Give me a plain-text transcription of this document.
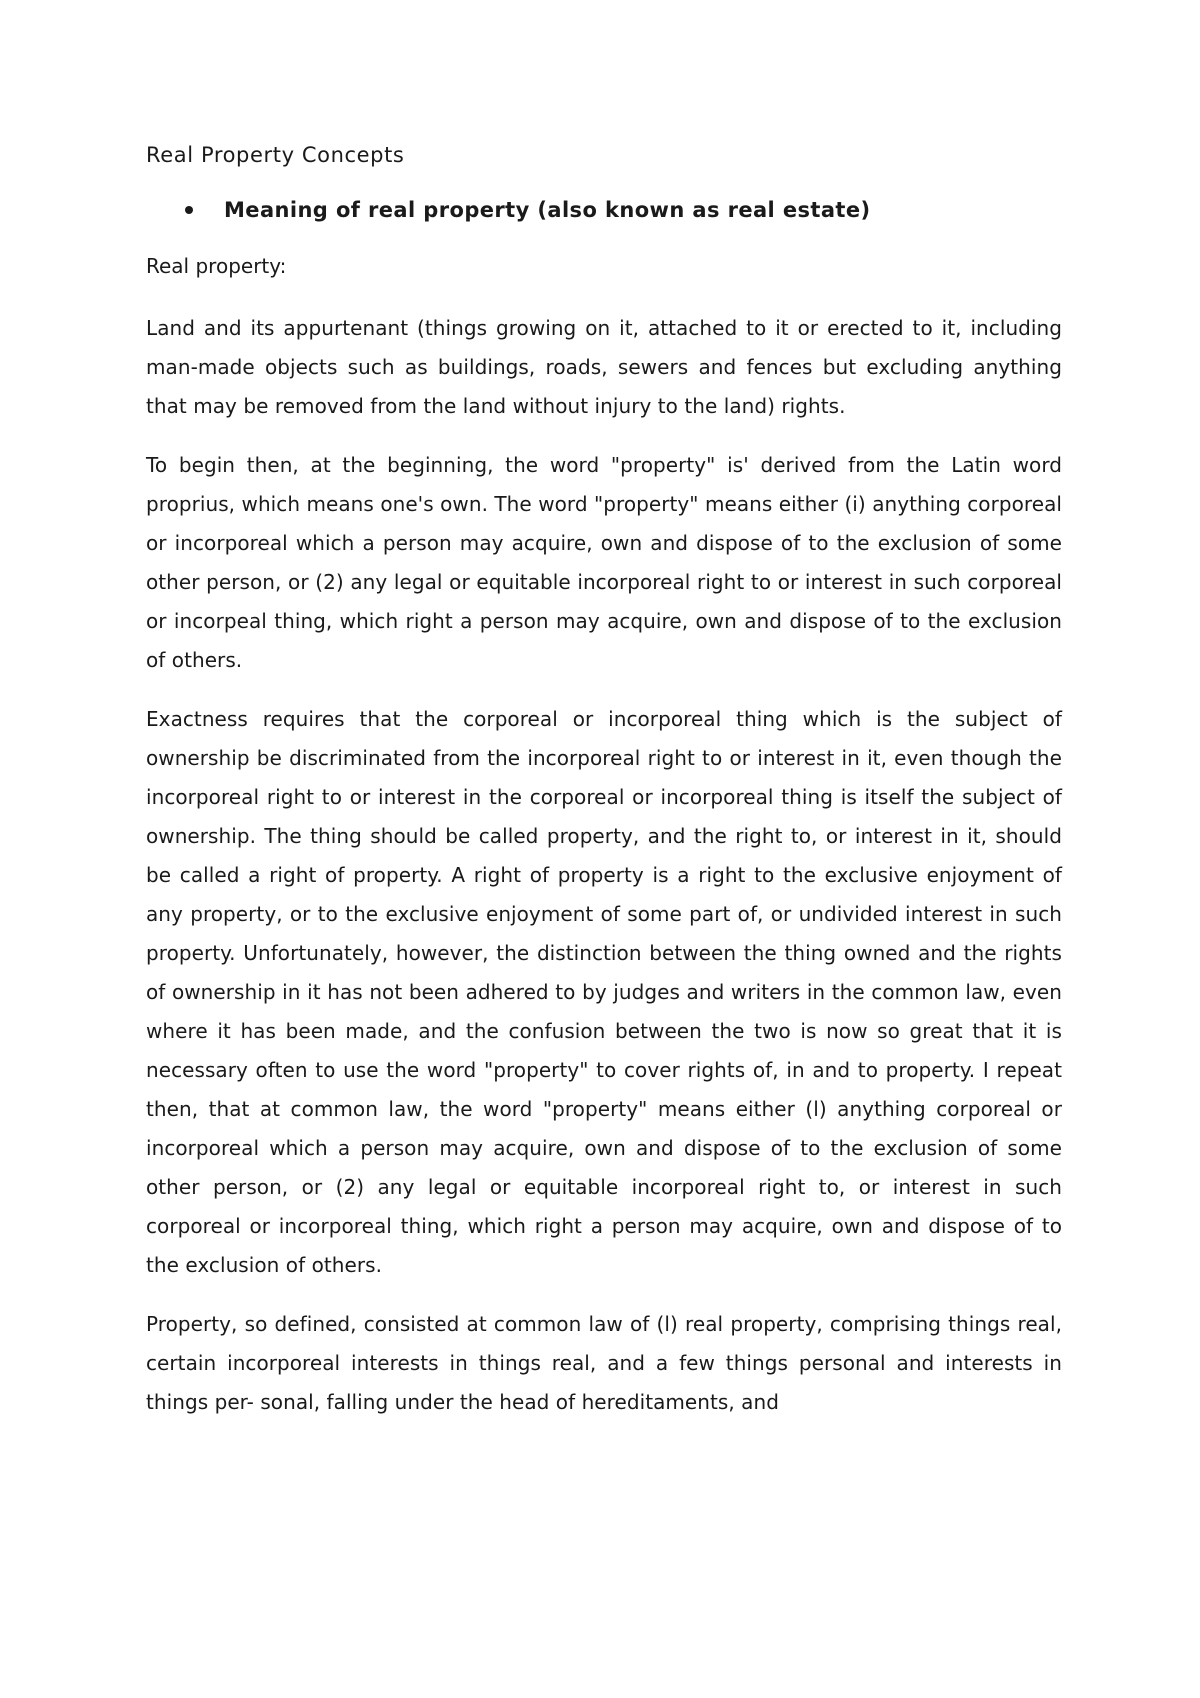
Real Property Concepts
Meaning of real property (also known as real estate)
Real property:

Land and its appurtenant (things growing on it, attached to it or erected to it, including man-made objects such as buildings, roads, sewers and fences but excluding anything that may be removed from the land without injury to the land) rights.

To begin then, at the beginning, the word "property" is' derived from the Latin word proprius, which means one's own. The word "property" means either (i) anything corporeal or incorporeal which a person may acquire, own and dispose of to the exclusion of some other person, or (2) any legal or equitable incorporeal right to or interest in such corporeal or incorpeal thing, which right a person may acquire, own and dispose of to the exclusion of others.

Exactness requires that the corporeal or incorporeal thing which is the subject of ownership be discriminated from the incorporeal right to or interest in it, even though the incorporeal right to or interest in the corporeal or incorporeal thing is itself the subject of ownership. The thing should be called property, and the right to, or interest in it, should be called a right of property. A right of property is a right to the exclusive enjoyment of any property, or to the exclusive enjoyment of some part of, or undivided interest in such property. Unfortunately, however, the distinction between the thing owned and the rights of ownership in it has not been adhered to by judges and writers in the common law, even where it has been made, and the confusion between the two is now so great that it is necessary often to use the word "property" to cover rights of, in and to property. I repeat then, that at common law, the word "property" means either (l) anything corporeal or incorporeal which a person may acquire, own and dispose of to the exclusion of some other person, or (2) any legal or equitable incorporeal right to, or interest in such corporeal or incorporeal thing, which right a person may acquire, own and dispose of to the exclusion of others.

Property, so defined, consisted at common law of (l) real property, comprising things real, certain incorporeal interests in things real, and a few things personal and interests in things per- sonal, falling under the head of hereditaments, and
